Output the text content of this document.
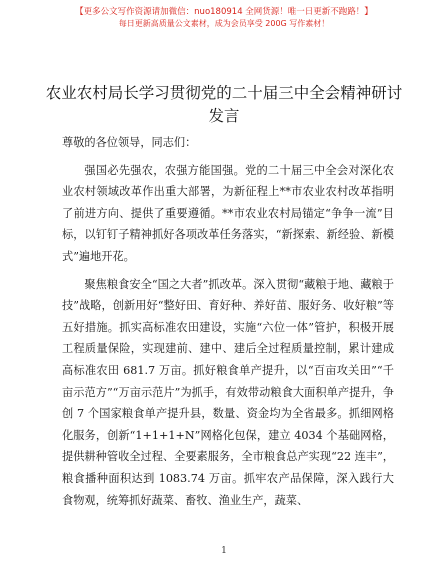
【更多公文写作资源请加微信：nuo180914 全网货源！唯一日更新不跑路！】
每日更新高质量公文素材，成为会员享受 200G 写作素材！
农业农村局长学习贯彻党的二十届三中全会精神研讨发言

尊敬的各位领导，同志们：

强国必先强农，农强方能国强。党的二十届三中全会对深化农业农村领域改革作出重大部署，为新征程上**市农业农村改革指明了前进方向、提供了重要遵循。**市农业农村局锚定“争争一流”目标，以钉钉子精神抓好各项改革任务落实，“新探索、新经验、新模式”遍地开花。

聚焦粮食安全“国之大者”抓改革。深入贯彻“藏粮于地、藏粮于技”战略，创新用好“整好田、育好种、养好苗、服好务、收好粮”等五好措施。抓实高标准农田建设，实施“六位一体”管护，积极开展工程质量保险，实现建前、建中、建后全过程质量控制，累计建成高标准农田 681.7 万亩。抓好粮食单产提升，以“百亩攻关田”“千亩示范方”“万亩示范片”为抓手，有效带动粮食大面积单产提升，争创 7 个国家粮食单产提升县，数量、资金均为全省最多。抓细网格化服务，创新“1+1+1+N”网格化包保，建立 4034 个基础网格，提供耕种管收全过程、全要素服务，全市粮食总产实现“22 连丰”，粮食播种面积达到 1083.74 万亩。抓牢农产品保障，深入践行大食物观，统筹抓好蔬菜、畜牧、渔业生产，蔬菜、

1
